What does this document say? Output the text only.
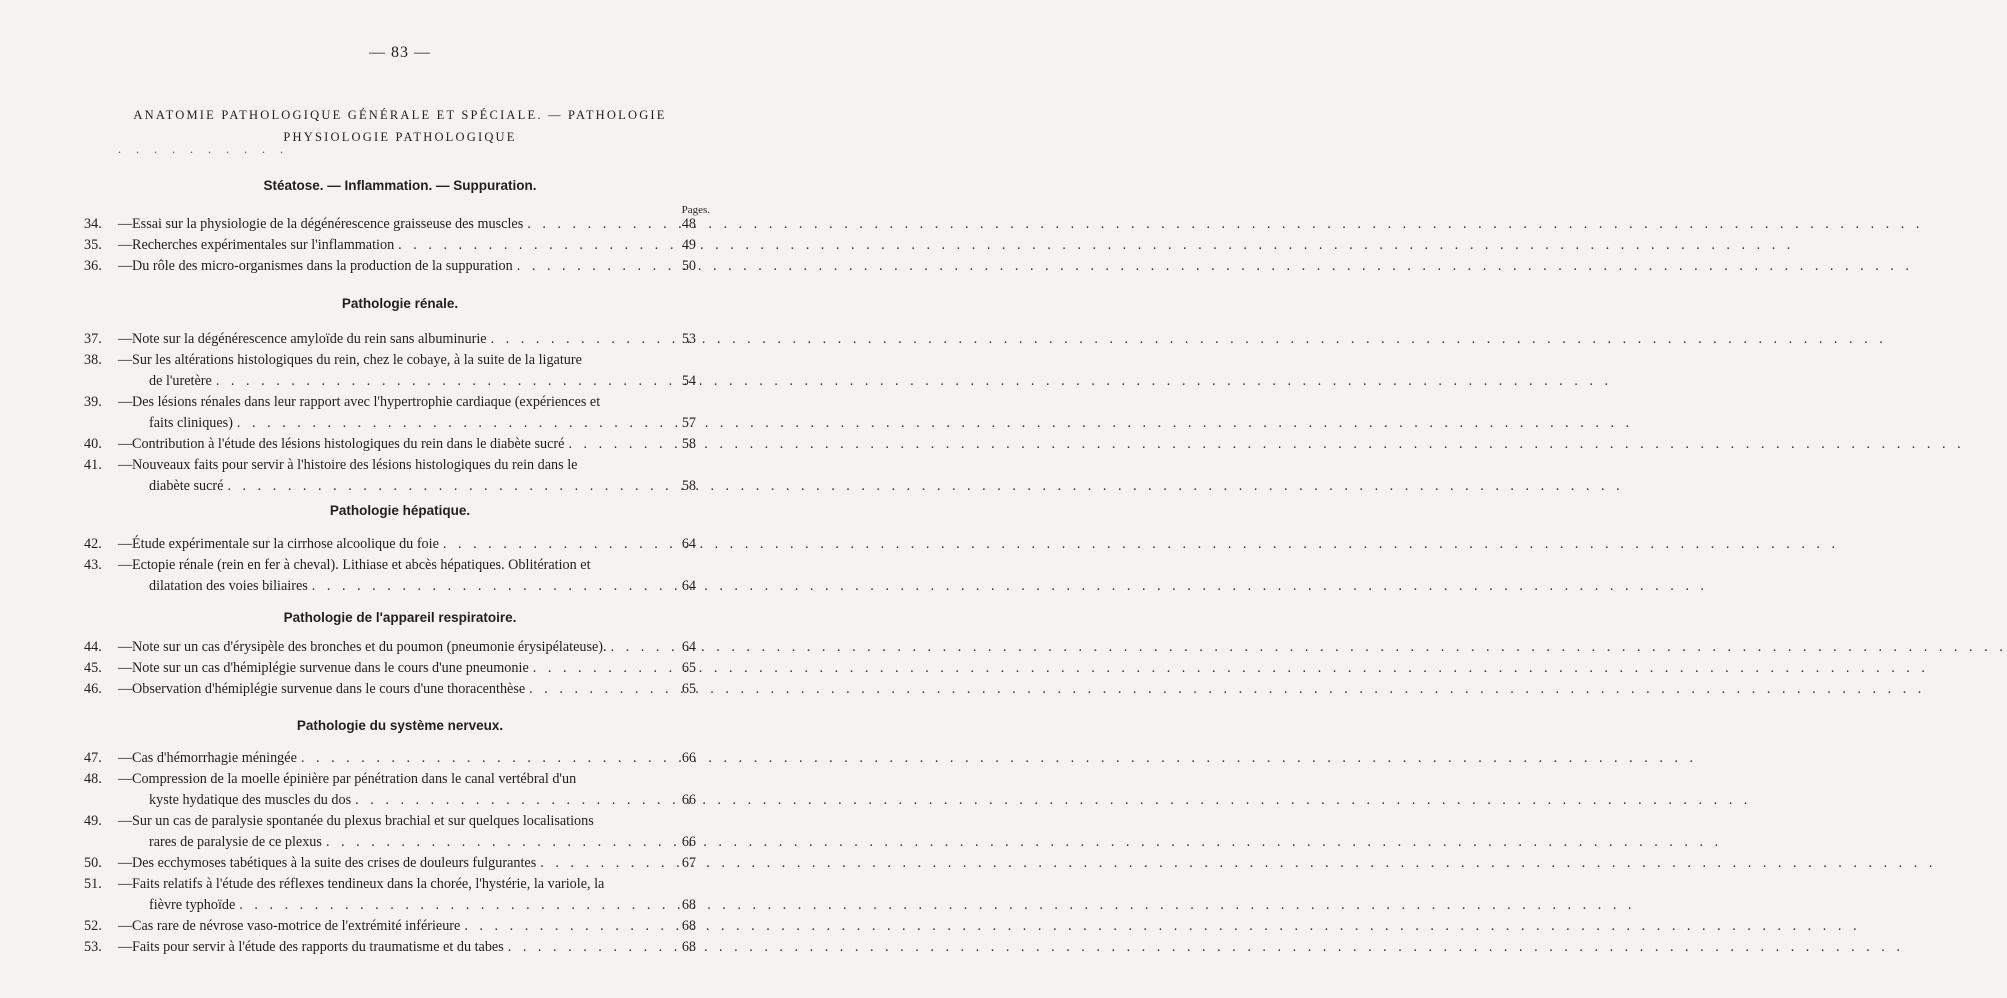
— 83 —
ANATOMIE PATHOLOGIQUE GÉNÉRALE ET SPÉCIALE. — PATHOLOGIE
PHYSIOLOGIE PATHOLOGIQUE
. . . . . . . . . .
Pages.
Stéatose. — Inflammation. — Suppuration.
34.	— Essai sur la physiologie de la dégénérescence graisseuse des muscles . . .	48
35.	— Recherches expérimentales sur l'inflammation . . .	49
36.	— Du rôle des micro-organismes dans la production de la suppuration . . .	50
Pathologie rénale.
37.	— Note sur la dégénérescence amyloïde du rein sans albuminurie . . .	53
38.	— Sur les altérations histologiques du rein, chez le cobaye, à la suite de la ligature
de l'uretère . . .	54
39.	— Des lésions rénales dans leur rapport avec l'hypertrophie cardiaque (expériences et
faits cliniques) . . .	57
40.	— Contribution à l'étude des lésions histologiques du rein dans le diabète sucré . . .	58
41.	— Nouveaux faits pour servir à l'histoire des lésions histologiques du rein dans le
diabète sucré . . .	58
Pathologie hépatique.
42.	— Étude expérimentale sur la cirrhose alcoolique du foie . . .	64
43.	— Ectopie rénale (rein en fer à cheval). Lithiase et abcès hépatiques. Oblitération et
dilatation des voies biliaires . . .	64
Pathologie de l'appareil respiratoire.
44.	— Note sur un cas d'érysipèle des bronches et du poumon (pneumonie érysipélateuse). . . .	64
45.	— Note sur un cas d'hémiplégie survenue dans le cours d'une pneumonie . . .	65
46.	— Observation d'hémiplégie survenue dans le cours d'une thoracenthèse . . .	65
Pathologie du système nerveux.
47.	— Cas d'hémorrhagie méningée . . .	66
48.	— Compression de la moelle épinière par pénétration dans le canal vertébral d'un
kyste hydatique des muscles du dos . . .	66
49.	— Sur un cas de paralysie spontanée du plexus brachial et sur quelques localisations
rares de paralysie de ce plexus . . .	66
50.	— Des ecchymoses tabétiques à la suite des crises de douleurs fulgurantes . . .	67
51.	— Faits relatifs à l'étude des réflexes tendineux dans la chorée, l'hystérie, la variole, la
fièvre typhoïde . . .	68
52.	— Cas rare de névrose vaso-motrice de l'extrémité inférieure . . .	68
53.	— Faits pour servir à l'étude des rapports du traumatisme et du tabes . . .	68
